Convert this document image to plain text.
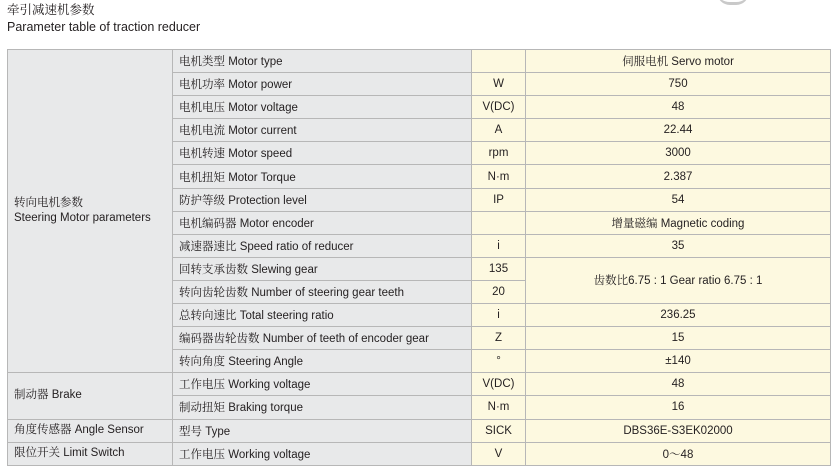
牵引减速机参数
Parameter table of traction reducer
转向电机参数
Steering Motor parameters	电机类型 Motor type		伺服电机 Servo motor
	电机功率 Motor power	W	750
	电机电压 Motor voltage	V(DC)	48
	电机电流 Motor current	A	22.44
	电机转速 Motor speed	rpm	3000
	电机扭矩 Motor Torque	N·m	2.387
	防护等级 Protection level	IP	54
	电机编码器 Motor encoder		增量磁编 Magnetic coding
	减速器速比 Speed ratio of reducer	i	35
	回转支承齿数 Slewing gear	135	齿数比6.75 : 1 Gear ratio 6.75 : 1
	转向齿轮齿数 Number of steering gear teeth	20	
	总转向速比 Total steering ratio	i	236.25
	编码器齿轮齿数 Number of teeth of encoder gear	Z	15
	转向角度 Steering Angle	°	±140

制动器 Brake	工作电压 Working voltage	V(DC)	48
	制动扭矩 Braking torque	N·m	16

角度传感器 Angle Sensor	型号 Type	SICK	DBS36E-S3EK02000

限位开关 Limit Switch	工作电压 Working voltage	V	0～48
